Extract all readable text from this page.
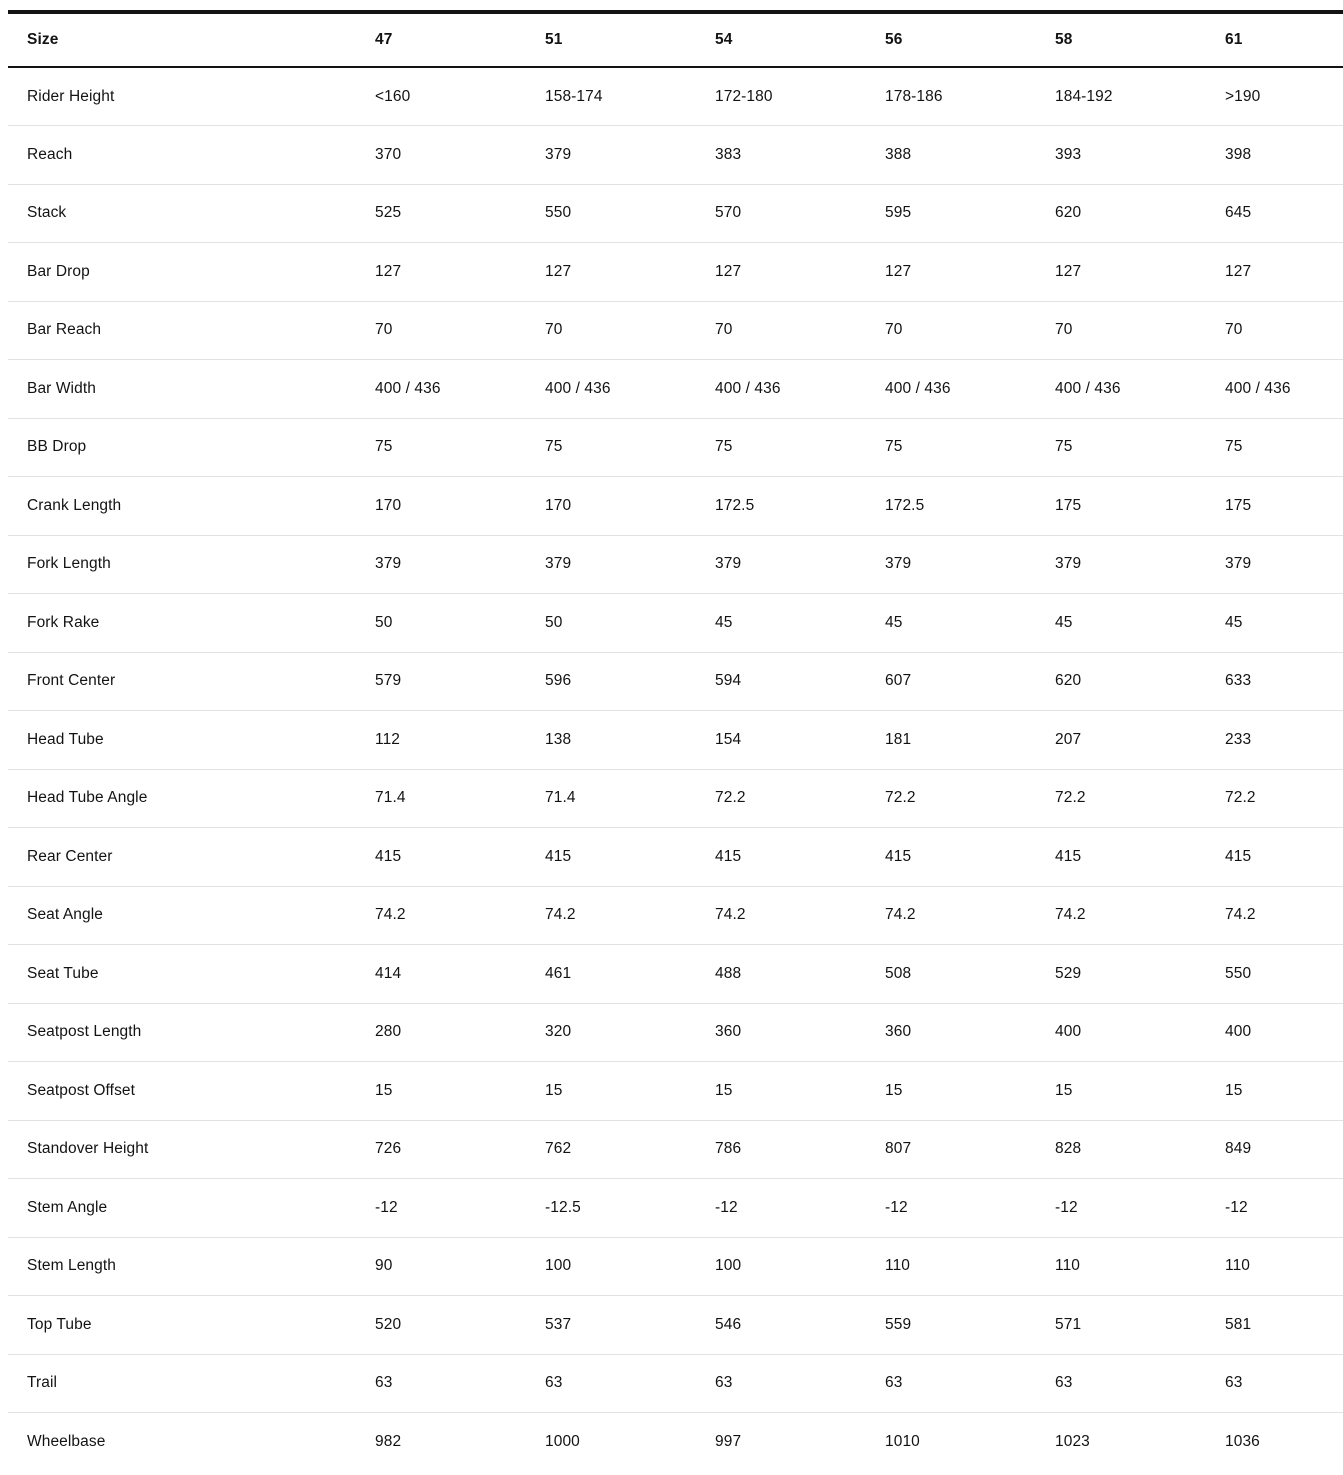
Size	47	51	54	56	58	61
Rider Height	<160	158-174	172-180	178-186	184-192	>190
Reach	370	379	383	388	393	398
Stack	525	550	570	595	620	645
Bar Drop	127	127	127	127	127	127
Bar Reach	70	70	70	70	70	70
Bar Width	400 / 436	400 / 436	400 / 436	400 / 436	400 / 436	400 / 436
BB Drop	75	75	75	75	75	75
Crank Length	170	170	172.5	172.5	175	175
Fork Length	379	379	379	379	379	379
Fork Rake	50	50	45	45	45	45
Front Center	579	596	594	607	620	633
Head Tube	112	138	154	181	207	233
Head Tube Angle	71.4	71.4	72.2	72.2	72.2	72.2
Rear Center	415	415	415	415	415	415
Seat Angle	74.2	74.2	74.2	74.2	74.2	74.2
Seat Tube	414	461	488	508	529	550
Seatpost Length	280	320	360	360	400	400
Seatpost Offset	15	15	15	15	15	15
Standover Height	726	762	786	807	828	849
Stem Angle	-12	-12.5	-12	-12	-12	-12
Stem Length	90	100	100	110	110	110
Top Tube	520	537	546	559	571	581
Trail	63	63	63	63	63	63
Wheelbase	982	1000	997	1010	1023	1036
